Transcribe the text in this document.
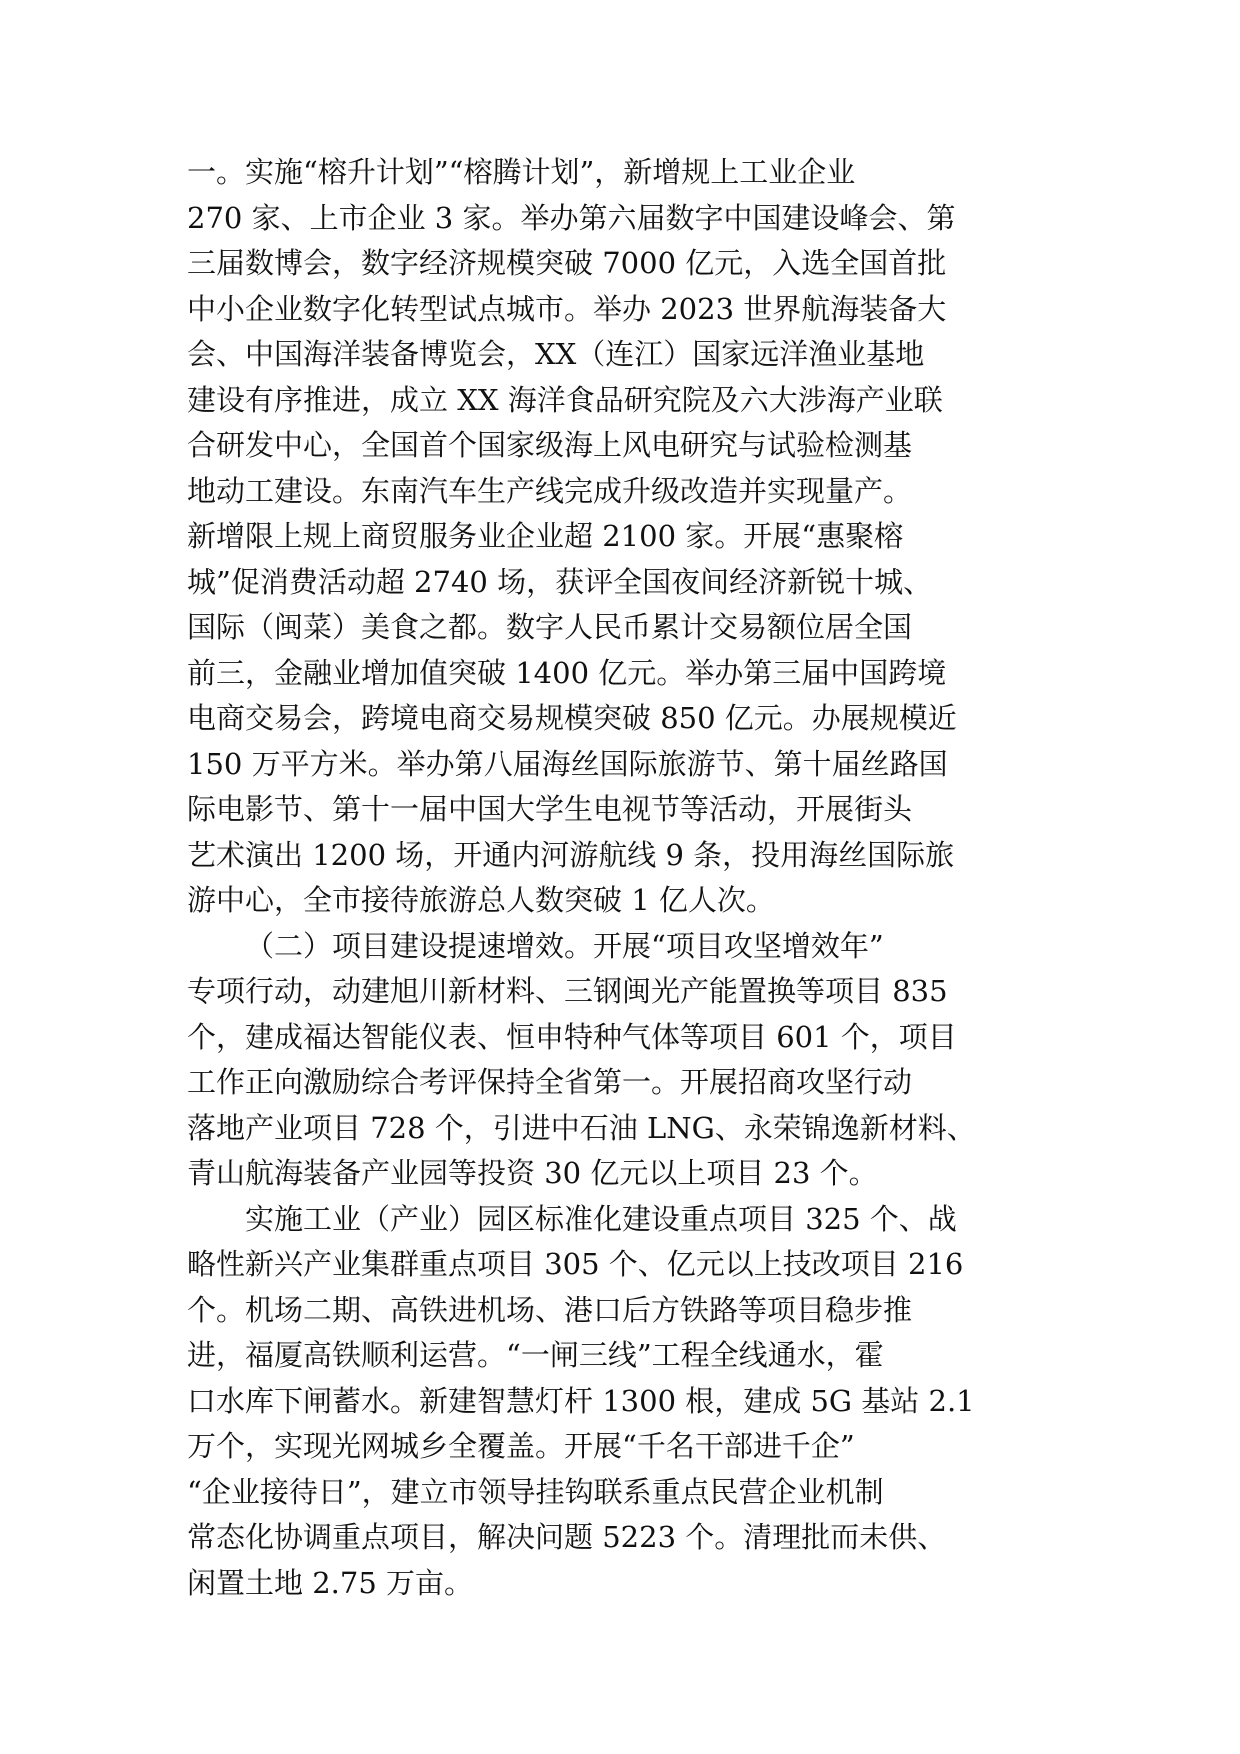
一。实施“榕升计划”“榕腾计划”，新增规上工业企业
270 家、上市企业 3 家。举办第六届数字中国建设峰会、第
三届数博会，数字经济规模突破 7000 亿元，入选全国首批
中小企业数字化转型试点城市。举办 2023 世界航海装备大
会、中国海洋装备博览会，XX（连江）国家远洋渔业基地
建设有序推进，成立 XX 海洋食品研究院及六大涉海产业联
合研发中心，全国首个国家级海上风电研究与试验检测基
地动工建设。东南汽车生产线完成升级改造并实现量产。
新增限上规上商贸服务业企业超 2100 家。开展“惠聚榕
城”促消费活动超 2740 场，获评全国夜间经济新锐十城、
国际（闽菜）美食之都。数字人民币累计交易额位居全国
前三，金融业增加值突破 1400 亿元。举办第三届中国跨境
电商交易会，跨境电商交易规模突破 850 亿元。办展规模近
150 万平方米。举办第八届海丝国际旅游节、第十届丝路国
际电影节、第十一届中国大学生电视节等活动，开展街头
艺术演出 1200 场，开通内河游航线 9 条，投用海丝国际旅
游中心，全市接待旅游总人数突破 1 亿人次。
（二）项目建设提速增效。开展“项目攻坚增效年”
专项行动，动建旭川新材料、三钢闽光产能置换等项目 835
个，建成福达智能仪表、恒申特种气体等项目 601 个，项目
工作正向激励综合考评保持全省第一。开展招商攻坚行动
落地产业项目 728 个，引进中石油 LNG、永荣锦逸新材料、
青山航海装备产业园等投资 30 亿元以上项目 23 个。
实施工业（产业）园区标准化建设重点项目 325 个、战
略性新兴产业集群重点项目 305 个、亿元以上技改项目 216
个。机场二期、高铁进机场、港口后方铁路等项目稳步推
进，福厦高铁顺利运营。“一闸三线”工程全线通水，霍
口水库下闸蓄水。新建智慧灯杆 1300 根，建成 5G 基站 2.1
万个，实现光网城乡全覆盖。开展“千名干部进千企”
“企业接待日”，建立市领导挂钩联系重点民营企业机制
常态化协调重点项目，解决问题 5223 个。清理批而未供、
闲置土地 2.75 万亩。
